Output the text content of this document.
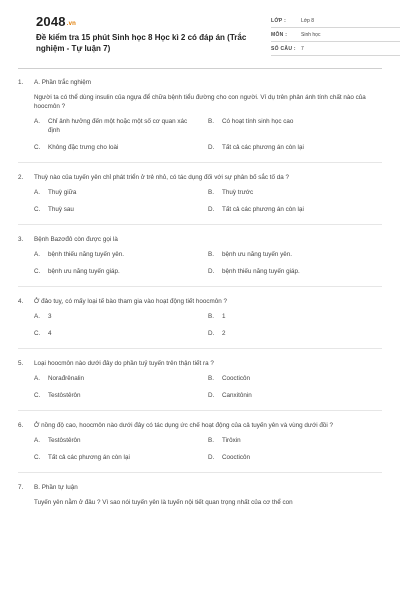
2048.vn
Đề kiểm tra 15 phút Sinh học 8 Học kì 2 có đáp án (Trắc nghiệm - Tự luận 7)
LỚP :	Lớp 8
MÔN :	Sinh học
SỐ CÂU :	7
1.	A. Phần trắc nghiệm
Người ta có thể dùng insulin của ngựa để chữa bệnh tiểu đường cho con người. Ví dụ trên phản ánh tính chất nào của hoocmôn ?
A.	Chỉ ảnh hưởng đến một hoặc một số cơ quan xác định
B.	Có hoạt tính sinh học cao
C.	Không đặc trưng cho loài	D.	Tất cả các phương án còn lại
2.	Thuỳ nào của tuyến yên chỉ phát triển ở trẻ nhỏ, có tác dụng đối với sự phân bố sắc tố da ?
A.	Thuỳ giữa	B.	Thuỳ trước
C.	Thuỳ sau	D.	Tất cả các phương án còn lại
3.	Bệnh Bazơđô còn được gọi là
A.	bệnh thiếu năng tuyến yên.	B.	bệnh ưu năng tuyến yên.
C.	bệnh ưu năng tuyến giáp.	D.	bệnh thiếu năng tuyến giáp.
4.	Ở đảo tuỵ, có mấy loại tế bào tham gia vào hoạt động tiết hoocmôn ?
A.	3	B.	1
C.	4	D.	2
5.	Loại hoocmôn nào dưới đây do phần tuỷ tuyến trên thận tiết ra ?
A.	Norađrênalin	B.	Coocticôn
C.	Testôstêrôn	D.	Canxitônin
6.	Ở nồng độ cao, hoocmôn nào dưới đây có tác dụng ức chế hoạt động của cả tuyến yên và vùng dưới đồi ?
A.	Testôstêrôn	B.	Tirôxin
C.	Tất cả các phương án còn lại	D.	Coocticôn
7.	B. Phần tự luận
Tuyến yên nằm ở đâu ? Vì sao nói tuyến yên là tuyến nội tiết quan trọng nhất của cơ thể con
